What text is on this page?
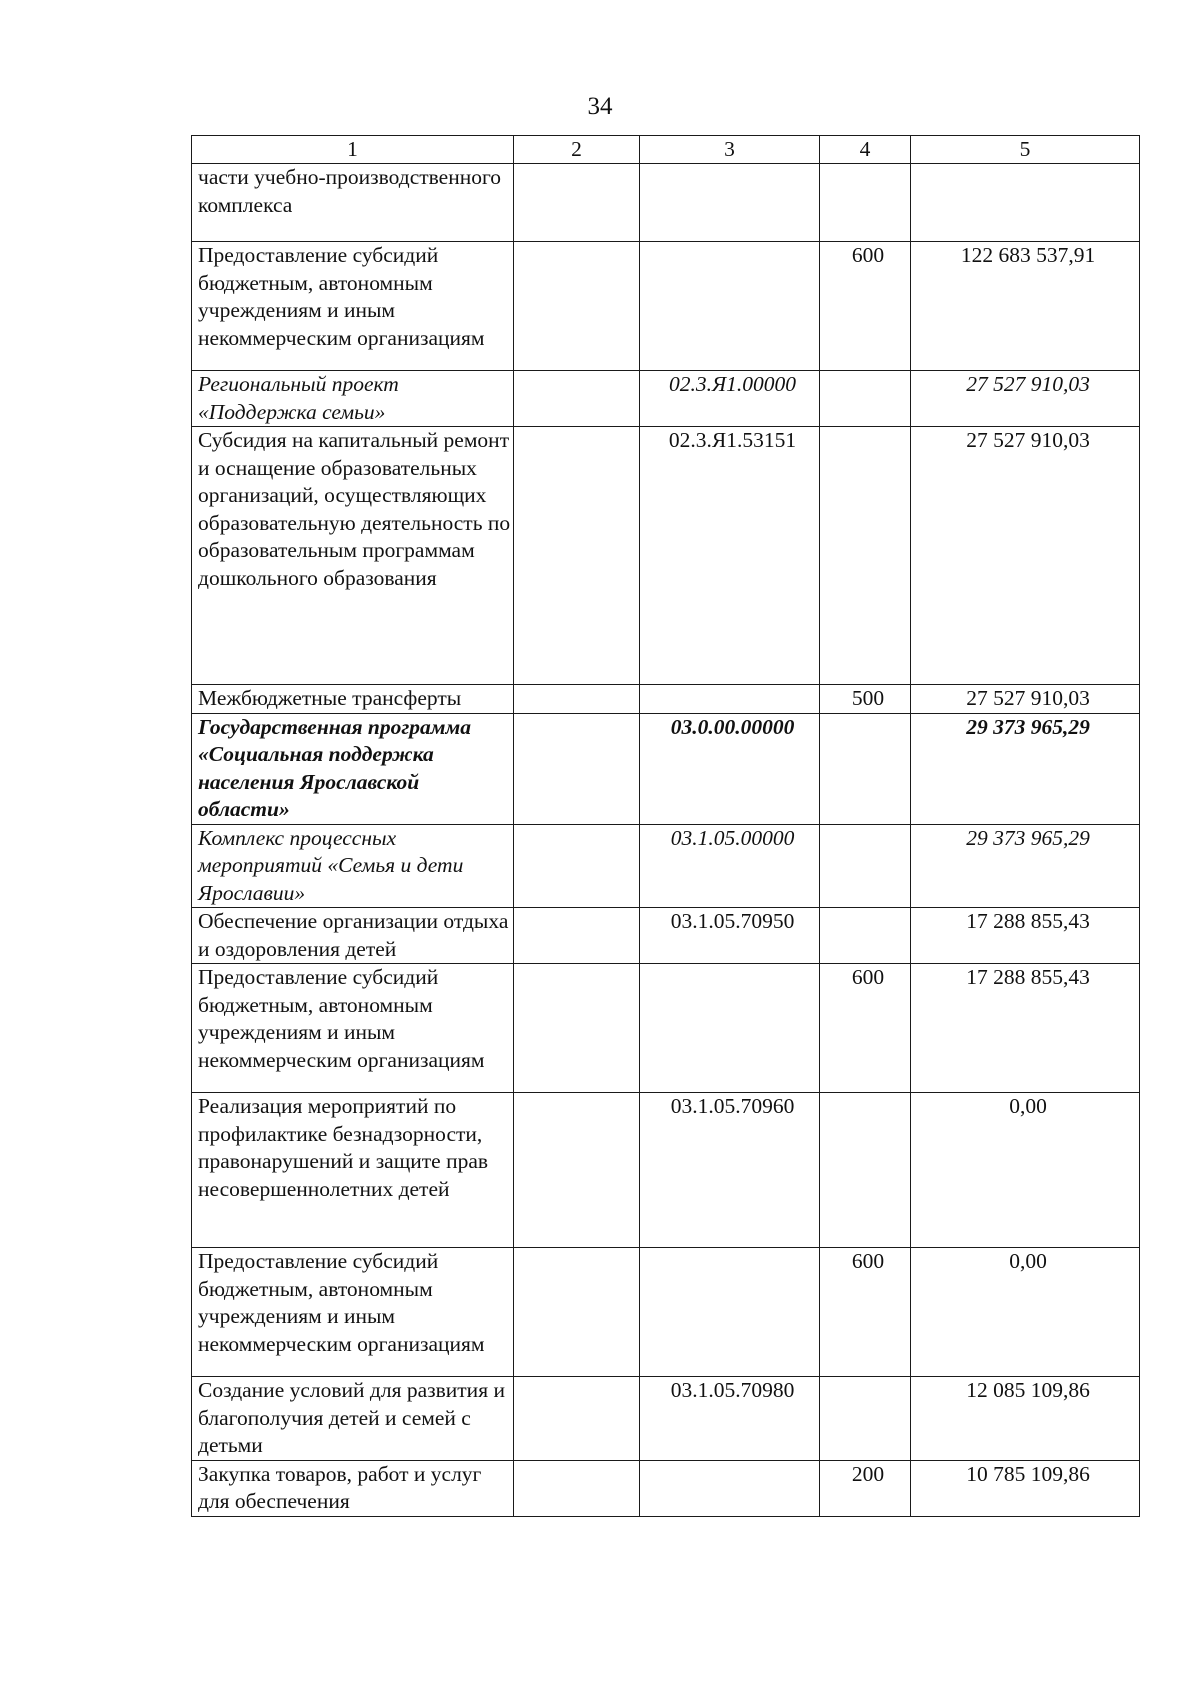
34
1	2	3	4	5
части учебно-производственного комплекса				
Предоставление субсидий бюджетным, автономным учреждениям и иным некоммерческим организациям			600	122 683 537,91
Региональный проект «Поддержка семьи»		02.3.Я1.00000		27 527 910,03
Субсидия на капитальный ремонт и оснащение образовательных организаций, осуществляющих образовательную деятельность по образовательным программам дошкольного образования		02.3.Я1.53151		27 527 910,03
Межбюджетные трансферты			500	27 527 910,03
Государственная программа «Социальная поддержка населения Ярославской области»		03.0.00.00000		29 373 965,29
Комплекс процессных мероприятий «Семья и дети Ярославии»		03.1.05.00000		29 373 965,29
Обеспечение организации отдыха и оздоровления детей		03.1.05.70950		17 288 855,43
Предоставление субсидий бюджетным, автономным учреждениям и иным некоммерческим организациям			600	17 288 855,43
Реализация мероприятий по профилактике безнадзорности, правонарушений и защите прав несовершеннолетних детей		03.1.05.70960		0,00
Предоставление субсидий бюджетным, автономным учреждениям и иным некоммерческим организациям			600	0,00
Создание условий для развития и благополучия детей и семей с детьми		03.1.05.70980		12 085 109,86
Закупка товаров, работ и услуг для обеспечения			200	10 785 109,86
